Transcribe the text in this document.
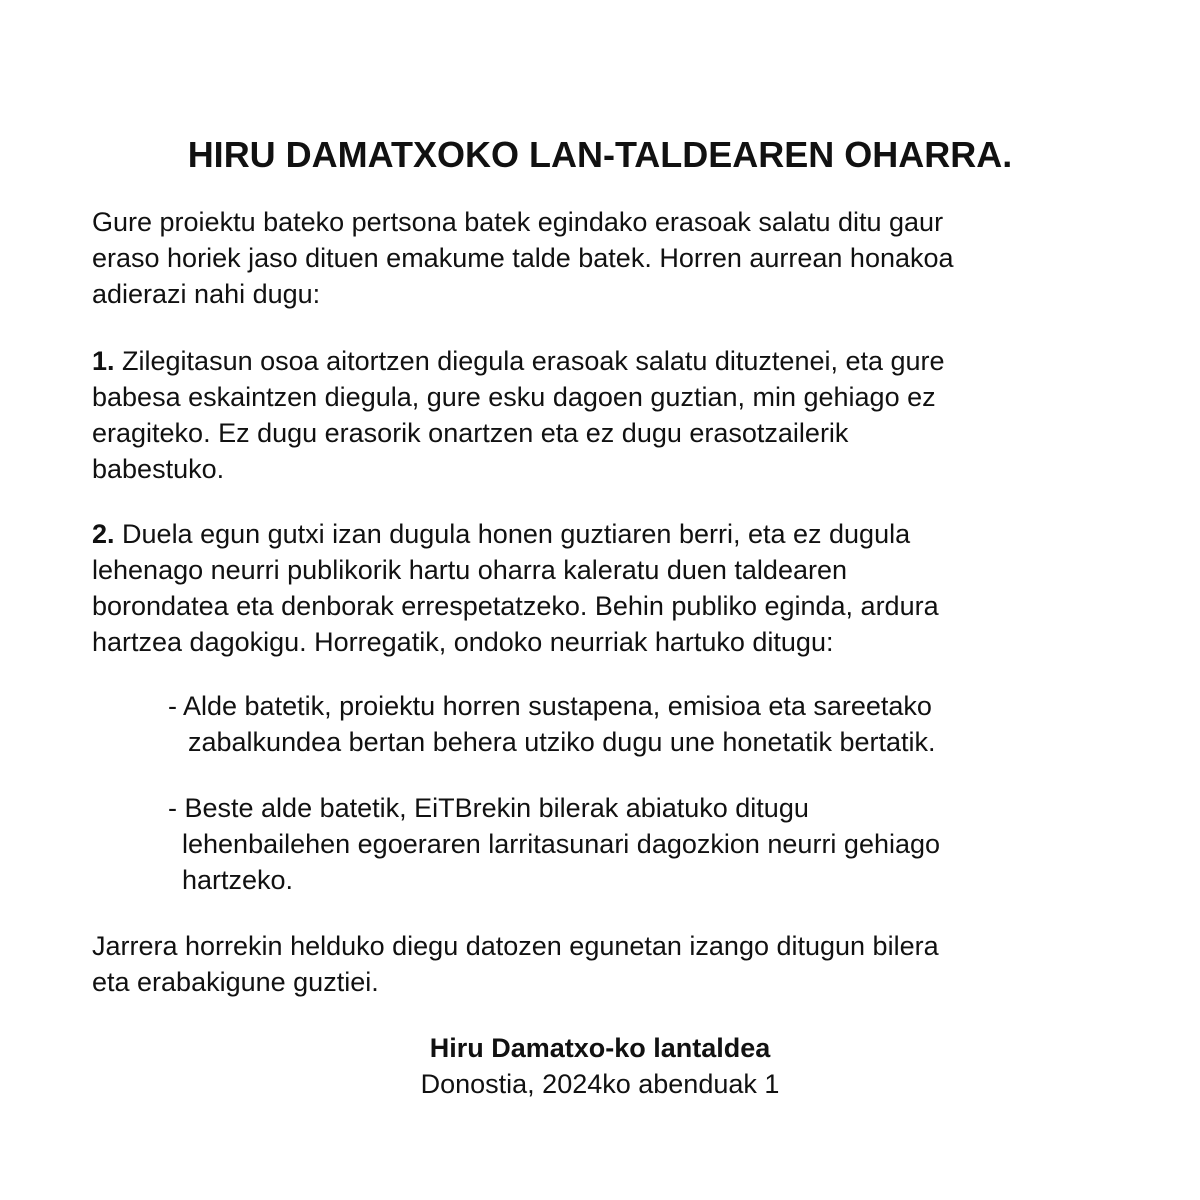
HIRU DAMATXOKO LAN-TALDEAREN OHARRA.
Gure proiektu bateko pertsona batek egindako erasoak salatu ditu gaur
eraso horiek jaso dituen emakume talde batek. Horren aurrean honakoa
adierazi nahi dugu:
1. Zilegitasun osoa aitortzen diegula erasoak salatu dituztenei, eta gure
babesa eskaintzen diegula, gure esku dagoen guztian, min gehiago ez
eragiteko. Ez dugu erasorik onartzen eta ez dugu erasotzailerik
babestuko.
2. Duela egun gutxi izan dugula honen guztiaren berri, eta ez dugula
lehenago neurri publikorik hartu oharra kaleratu duen taldearen
borondatea eta denborak errespetatzeko. Behin publiko eginda, ardura
hartzea dagokigu. Horregatik, ondoko neurriak hartuko ditugu:
- Alde batetik, proiektu horren sustapena, emisioa eta sareetako
zabalkundea bertan behera utziko dugu une honetatik bertatik.
- Beste alde batetik, EiTBrekin bilerak abiatuko ditugu
lehenbailehen egoeraren larritasunari dagozkion neurri gehiago
hartzeko.
Jarrera horrekin helduko diegu datozen egunetan izango ditugun bilera
eta erabakigune guztiei.
Hiru Damatxo-ko lantaldea
Donostia, 2024ko abenduak 1
